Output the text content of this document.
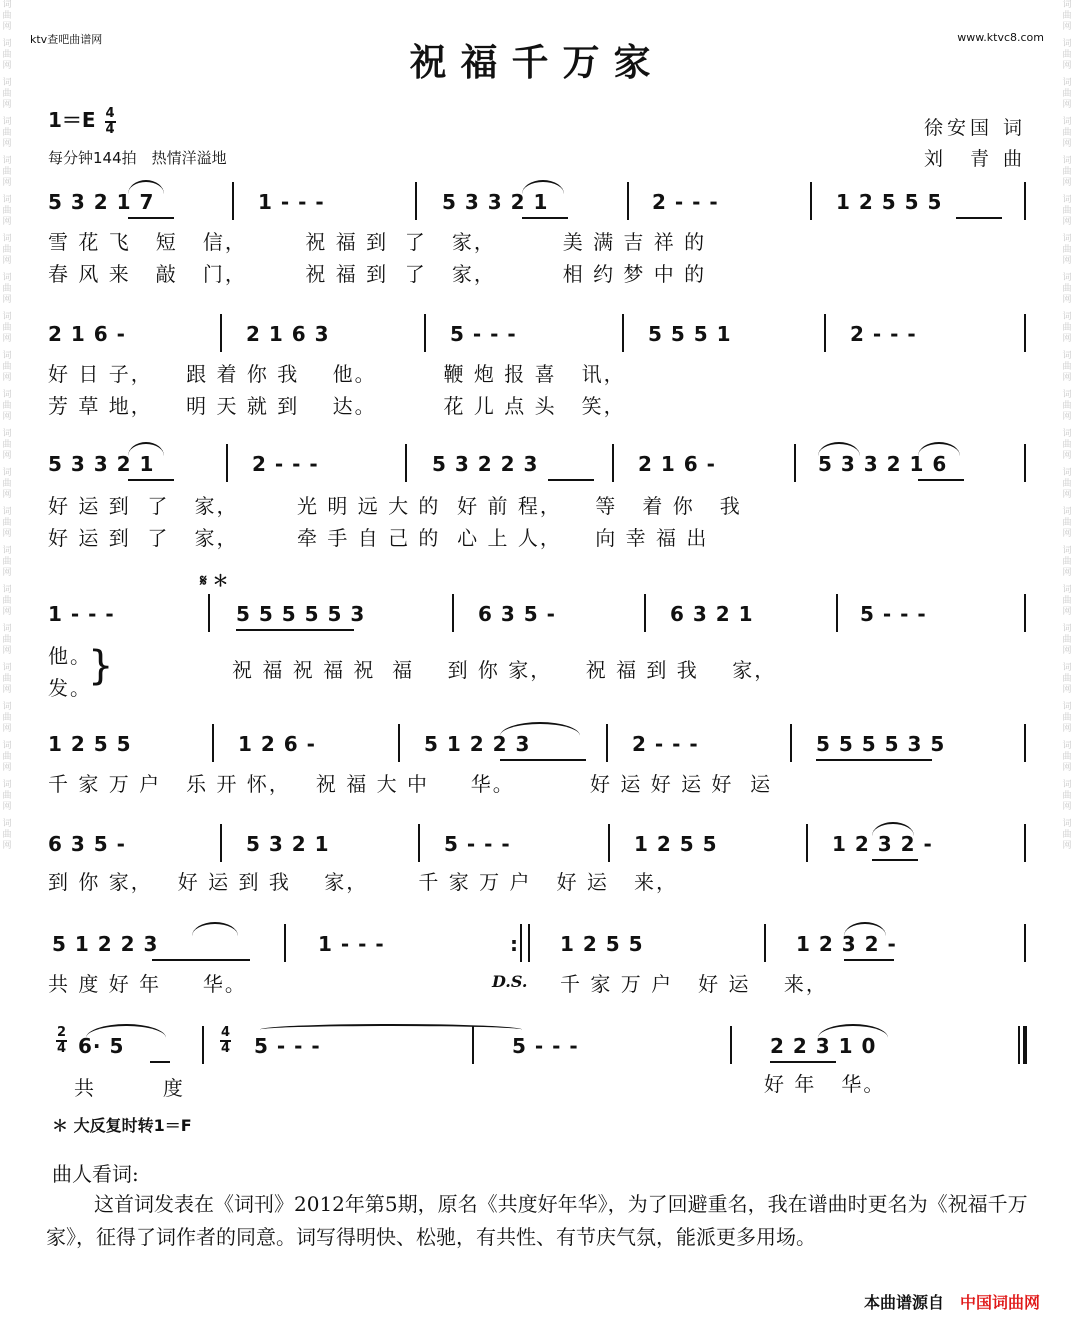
词曲网
词曲网
词曲网
词曲网
词曲网
词曲网
词曲网
词曲网
词曲网
词曲网
词曲网
词曲网
词曲网
词曲网
词曲网
词曲网
词曲网
词曲网
词曲网
词曲网
词曲网
词曲网
词曲网
词曲网
词曲网
词曲网
词曲网
词曲网
词曲网
词曲网
词曲网
词曲网
词曲网
词曲网
词曲网
词曲网
词曲网
词曲网
词曲网
词曲网
词曲网
词曲网
词曲网
词曲网
ktv查吧曲谱网	www.ktvc8.com
祝福千万家
$1=E \frac{4}{4}$
每分钟144拍　热情洋溢地
徐安国 词
刘　青 曲
5 3 2 1 7	1 - - -	5 3 3 2 1	2 - - -	1 2 5 5 5
雪 花 飞   短   信，       祝 福 到  了   家，        美 满 吉 祥 的
春 风 来   敲   门，       祝 福 到  了   家，        相 约 梦 中 的
2 1 6 -	2 1 6 3	5 - - -	5 5 5 1	2 - - -
好 日 子，    跟 着 你 我    他。        鞭 炮 报 喜   讯，
芳 草 地，    明 天 就 到    达。        花 儿 点 头   笑，
5 3 3 2 1	2 - - -	5 3 2 2 3	2 1 6 -	5 3 3 2 1 6
好 运 到  了   家，       光 明 远 大 的  好 前 程，    等   着 你   我
好 运 到  了   家，       牵 手 自 己 的  心 上 人，    向 幸 福 出
𝄋 ＊
1 - - -	5 5 5 5 5 3	6 3 5 -	6 3 2 1	5 - - -
他。
发。
}	祝 福 祝 福 祝  福    到 你 家，    祝 福 到 我    家，
1 2 5 5	1 2 6 -	5 1 2 2 3	2 - - -	5 5 5 5 3 5
千 家 万 户   乐 开 怀，   祝 福 大 中     华。         好 运 好 运 好  运
6 3 5 -	5 3 2 1	5 - - -	1 2 5 5	1 2 3 2 -
到 你 家，   好 运 到 我    家，      千 家 万 户   好 运   来，
5 1 2 2 3	1 - - -	: 1 2 5 5	1 2 3 2 -
共 度 好 年     华。	D.S. 千 家 万 户   好 运    来，
$\frac{2}{4} 6\cdot 5$	$\frac{4}{4} 5$ - - -	5 - - -	2 2 3 1 0
共        度	好 年   华。
＊ 大反复时转1＝F
曲人看词:
这首词发表在《词刊》2012年第5期，原名《共度好年华》，为了回避重名，我在谱曲时更名为《祝福千万家》，征得了词作者的同意。词写得明快、松驰，有共性、有节庆气氛，能派更多用场。
本曲谱源自 中国词曲网
